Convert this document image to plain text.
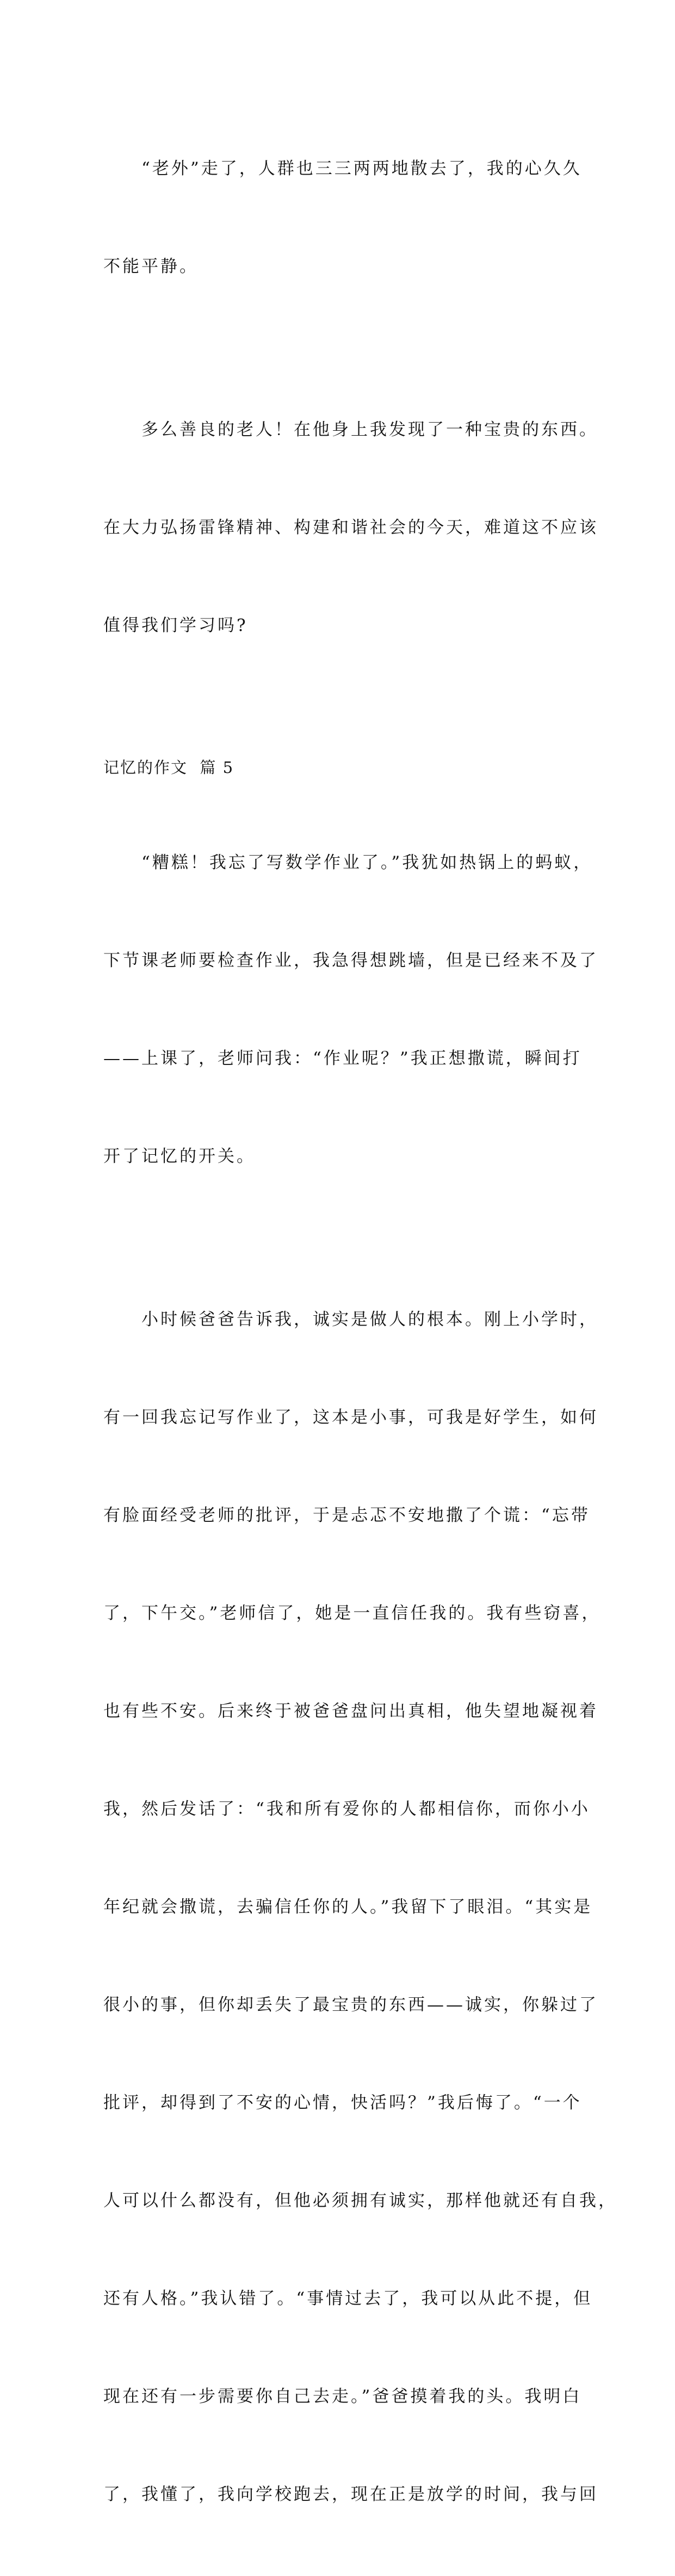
“老外”走了，人群也三三两两地散去了，我的心久久

不能平静。

多么善良的老人！在他身上我发现了一种宝贵的东西。

在大力弘扬雷锋精神、构建和谐社会的今天，难道这不应该

值得我们学习吗?

记忆的作文  篇 5

“糟糕！我忘了写数学作业了。”我犹如热锅上的蚂蚁，

下节课老师要检查作业，我急得想跳墙，但是已经来不及了

——上课了，老师问我：“作业呢？”我正想撒谎，瞬间打

开了记忆的开关。

小时候爸爸告诉我，诚实是做人的根本。刚上小学时，

有一回我忘记写作业了，这本是小事，可我是好学生，如何

有脸面经受老师的批评，于是忐忑不安地撒了个谎：“忘带

了，下午交。”老师信了，她是一直信任我的。我有些窃喜，

也有些不安。后来终于被爸爸盘问出真相，他失望地凝视着

我，然后发话了：“我和所有爱你的人都相信你，而你小小

年纪就会撒谎，去骗信任你的人。”我留下了眼泪。“其实是

很小的事，但你却丢失了最宝贵的东西——诚实，你躲过了

批评，却得到了不安的心情，快活吗？”我后悔了。“一个

人可以什么都没有，但他必须拥有诚实，那样他就还有自我，

还有人格。”我认错了。“事情过去了，我可以从此不提，但

现在还有一步需要你自己去走。”爸爸摸着我的头。我明白

了，我懂了，我向学校跑去，现在正是放学的时间，我与回
